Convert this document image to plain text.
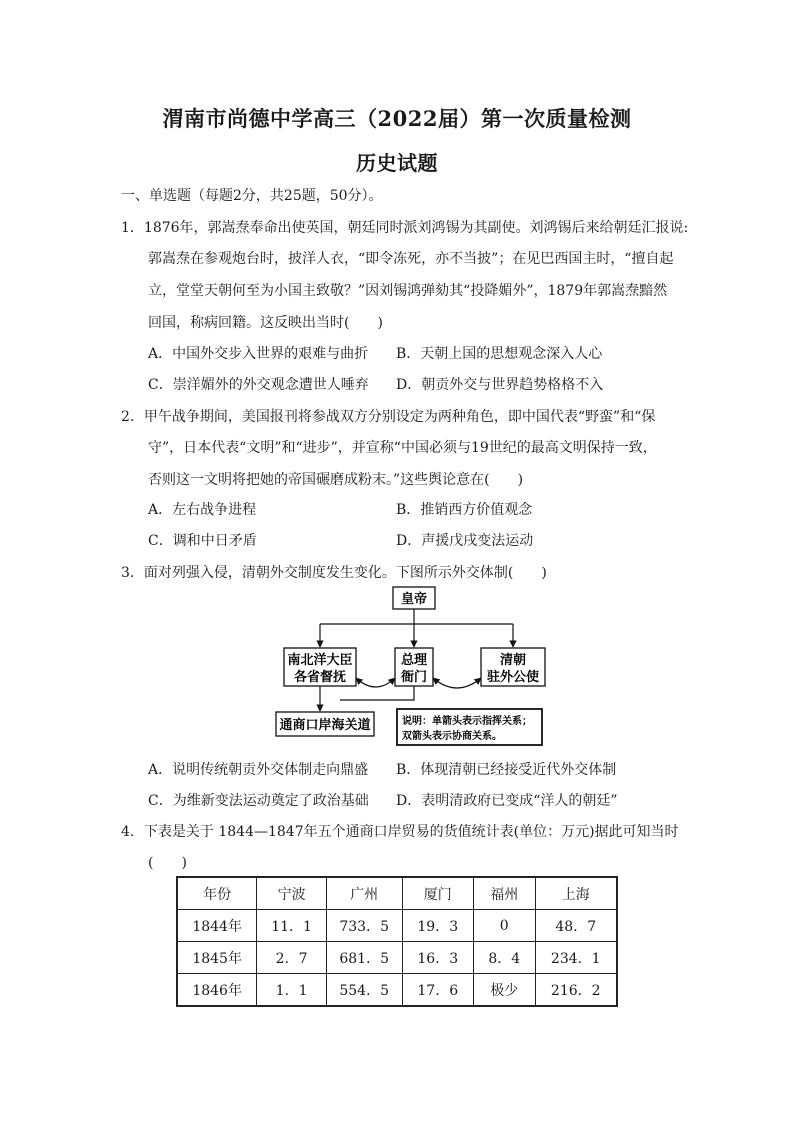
渭南市尚德中学高三（2022届）第一次质量检测
历史试题
一、单选题（每题2分，共25题，50分）。
1．1876年，郭嵩焘奉命出使英国，朝廷同时派刘鸿锡为其副使。刘鸿锡后来给朝廷汇报说:
郭嵩焘在参观炮台时，披洋人衣，“即令冻死，亦不当披”；在见巴西国主时，“擅自起
立，堂堂天朝何至为小国主致敬？”因刘锡鸿弹劾其“投降媚外”，1879年郭嵩焘黯然
回国，称病回籍。这反映出当时(　　)
A．中国外交步入世界的艰难与曲折 B．天朝上国的思想观念深入人心
C．崇洋媚外的外交观念遭世人唾弃 D．朝贡外交与世界趋势格格不入
2．甲午战争期间，美国报刊将参战双方分别设定为两种角色，即中国代表“野蛮”和“保
守”，日本代表“文明”和“进步”，并宣称“中国必须与19世纪的最高文明保持一致，
否则这一文明将把她的帝国碾磨成粉末。”这些舆论意在(　　)
A．左右战争进程	B．推销西方价值观念
C．调和中日矛盾	D．声援戊戌变法运动
3．面对列强入侵，清朝外交制度发生变化。下图所示外交体制(　　)
皇帝
南北洋大臣
各省督抚
总理
衙门
清朝
驻外公使
通商口岸海关道	说明：单箭头表示指挥关系；
双箭头表示协商关系。
A．说明传统朝贡外交体制走向鼎盛 B．体现清朝已经接受近代外交体制
C．为维新变法运动奠定了政治基础 D．表明清政府已变成“洋人的朝廷”
4．下表是关于 1844—1847年五个通商口岸贸易的货值统计表(单位：万元)据此可知当时
(　　)
年份	宁波	广州	厦门	福州	上海
1844年	11．1	733．5	19．3	0	48．7
1845年	2．7	681．5	16．3	8．4	234．1
1846年	1．1	554．5	17．6	极少	216．2
